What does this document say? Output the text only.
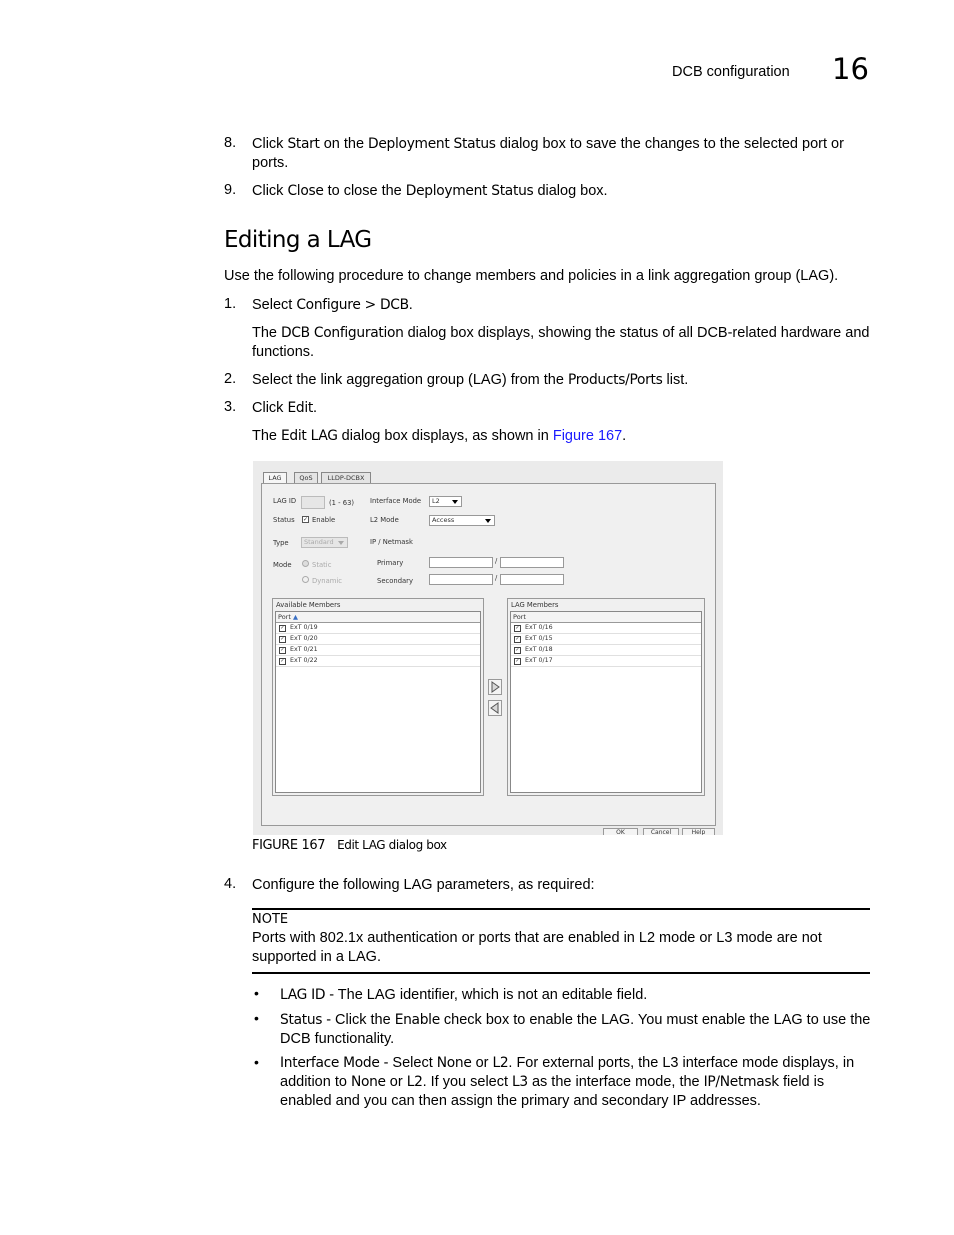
DCB configuration 16
8. Click Start on the Deployment Status dialog box to save the changes to the selected port or
ports.
9. Click Close to close the Deployment Status dialog box.
Editing a LAG
Use the following procedure to change members and policies in a link aggregation group (LAG).
1. Select Configure > DCB.
The DCB Configuration dialog box displays, showing the status of all DCB-related hardware and
functions.
2. Select the link aggregation group (LAG) from the Products/Ports list.
3. Click Edit.
The Edit LAG dialog box displays, as shown in Figure 167.
LAG	QoS	LLDP-DCBX
LAG ID	(1 - 63)
Status ✓ Enable
Type	Standard
Mode	Static
Dynamic
Interface Mode	L2
L2 Mode	Access
IP / Netmask
Primary	/
Secondary	/
Available Members
Port ▲
✓ ExT 0/19
✓ ExT 0/20
✓ ExT 0/21
✓ ExT 0/22
LAG Members
Port
✓ ExT 0/16
✓ ExT 0/15
✓ ExT 0/18
✓ ExT 0/17
OK	Cancel	Help
FIGURE 167 Edit LAG dialog box
4. Configure the following LAG parameters, as required:
NOTE
Ports with 802.1x authentication or ports that are enabled in L2 mode or L3 mode are not
supported in a LAG.
• LAG ID - The LAG identifier, which is not an editable field.
• Status - Click the Enable check box to enable the LAG. You must enable the LAG to use the
DCB functionality.
• Interface Mode - Select None or L2. For external ports, the L3 interface mode displays, in
addition to None or L2. If you select L3 as the interface mode, the IP/Netmask field is
enabled and you can then assign the primary and secondary IP addresses.
